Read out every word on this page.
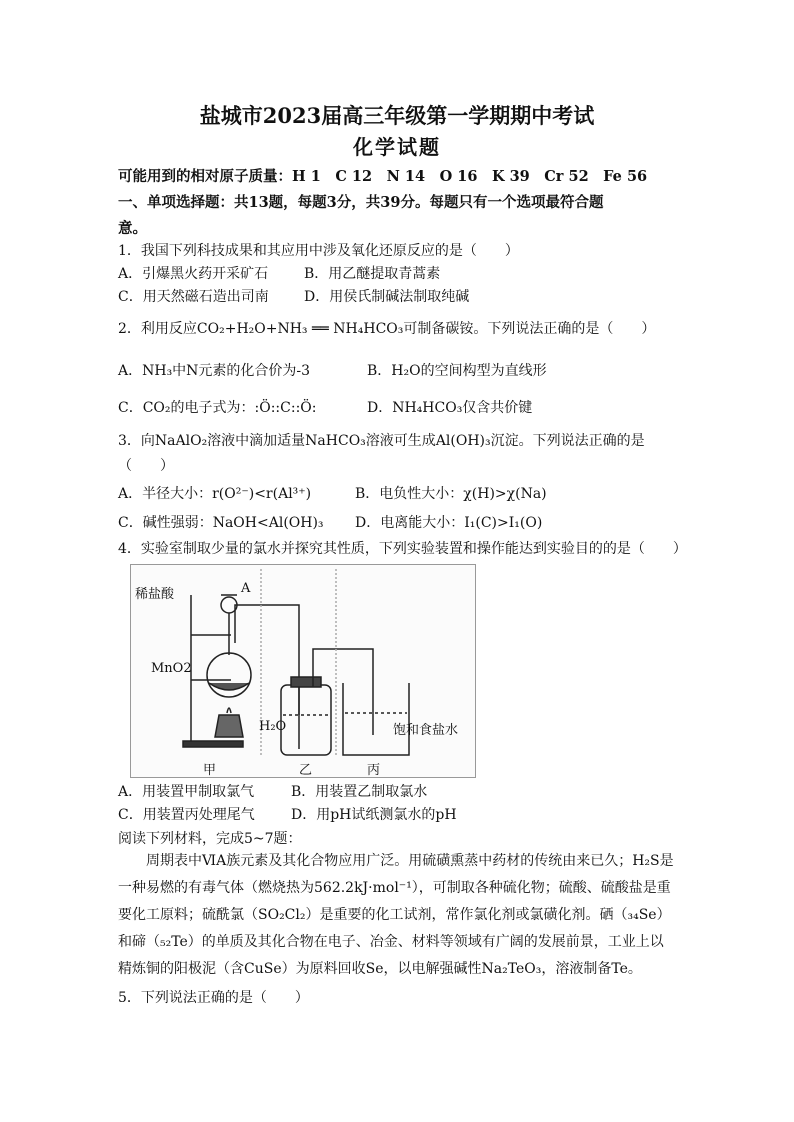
盐城市2023届高三年级第一学期期中考试
化学试题
可能用到的相对原子质量：H 1　C 12　N 14　O 16　K 39　Cr 52　Fe 56
一、单项选择题：共13题，每题3分，共39分。每题只有一个选项最符合题
意。
1．我国下列科技成果和其应用中涉及氧化还原反应的是（　　）
A．引爆黑火药开采矿石	B．用乙醚提取青蒿素
C．用天然磁石造出司南	D．用侯氏制碱法制取纯碱
2．利用反应CO₂+H₂O+NH₃ ══ NH₄HCO₃可制备碳铵。下列说法正确的是（　　）
A．NH₃中N元素的化合价为-3	B．H₂O的空间构型为直线形
C．CO₂的电子式为：:Ö::C::Ö:	D．NH₄HCO₃仅含共价键
3．向NaAlO₂溶液中滴加适量NaHCO₃溶液可生成Al(OH)₃沉淀。下列说法正确的是
（　　）
A．半径大小：r(O²⁻)<r(Al³⁺)	B．电负性大小：χ(H)>χ(Na)
C．碱性强弱：NaOH<Al(OH)₃ D．电离能大小：I₁(C)>I₁(O)
4．实验室制取少量的氯水并探究其性质，下列实验装置和操作能达到实验目的的是（　　）
稀盐酸	A
MnO2
H₂O	饱和食盐水
甲	乙	丙
A．用装置甲制取氯气	B．用装置乙制取氯水
C．用装置丙处理尾气	D．用pH试纸测氯水的pH
阅读下列材料，完成5~7题：
周期表中ⅥA族元素及其化合物应用广泛。用硫磺熏蒸中药材的传统由来已久；H₂S是
一种易燃的有毒气体（燃烧热为562.2kJ·mol⁻¹），可制取各种硫化物；硫酸、硫酸盐是重
要化工原料；硫酰氯（SO₂Cl₂）是重要的化工试剂，常作氯化剂或氯磺化剂。硒（₃₄Se）
和碲（₅₂Te）的单质及其化合物在电子、冶金、材料等领域有广阔的发展前景，工业上以
精炼铜的阳极泥（含CuSe）为原料回收Se，以电解强碱性Na₂TeO₃，溶液制备Te。
5．下列说法正确的是（　　）
